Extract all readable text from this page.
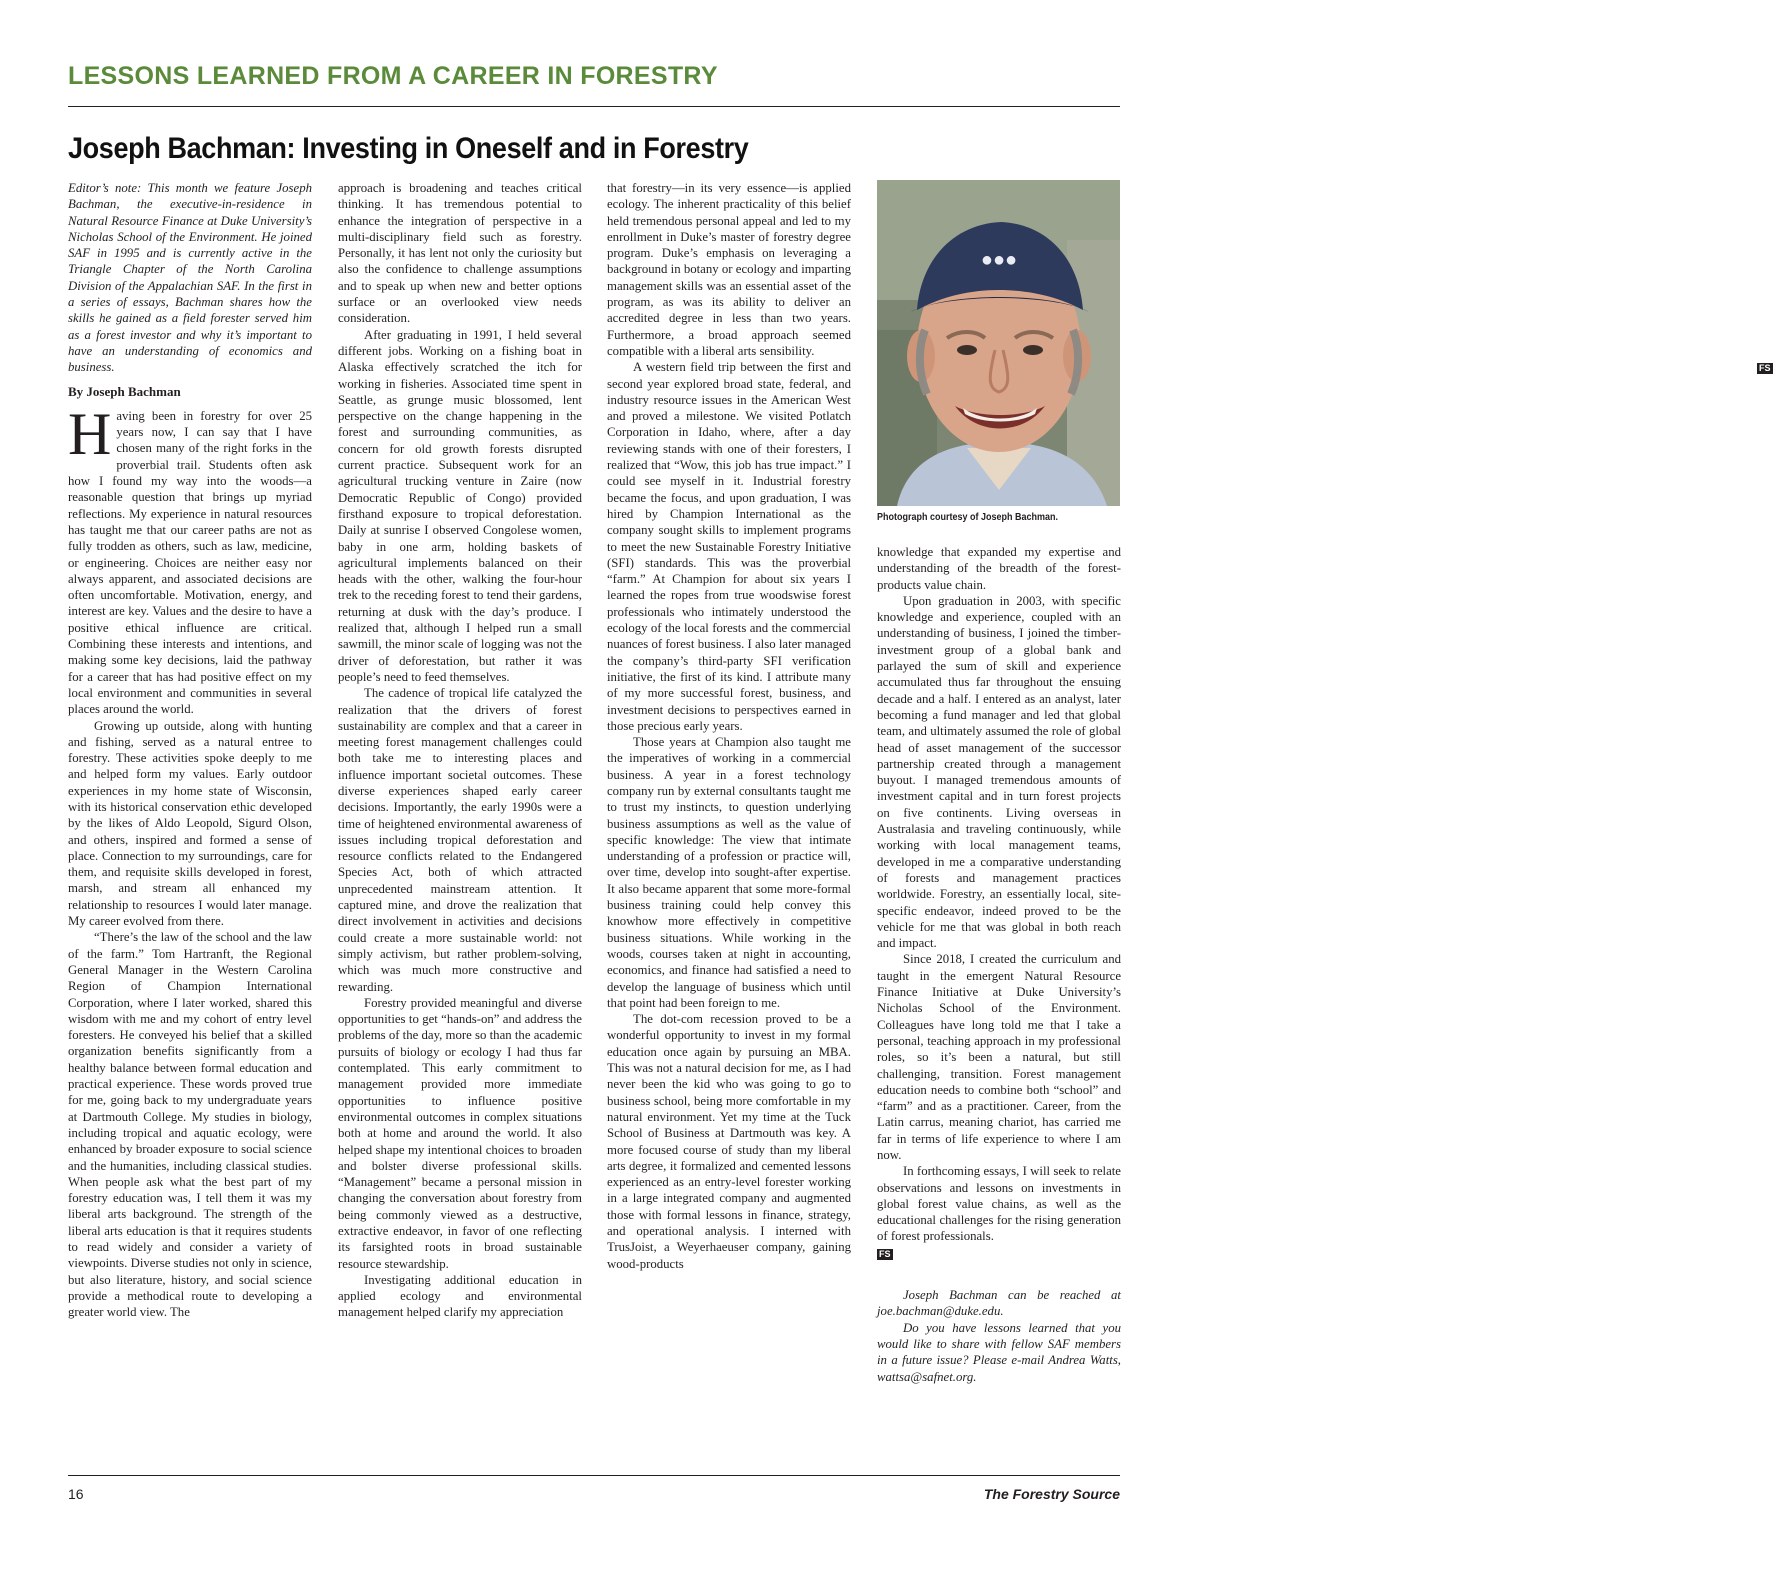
LESSONS LEARNED FROM A CAREER IN FORESTRY
Joseph Bachman: Investing in Oneself and in Forestry

Editor’s note: This month we feature Joseph Bachman, the executive-in-residence in Natural Resource Finance at Duke University’s Nicholas School of the Environment. He joined SAF in 1995 and is currently active in the Triangle Chapter of the North Carolina Division of the Appalachian SAF. In the first in a series of essays, Bachman shares how the skills he gained as a field forester served him as a forest investor and why it’s important to have an understanding of economics and business.

By Joseph Bachman

Having been in forestry for over 25 years now, I can say that I have chosen many of the right forks in the proverbial trail. Students often ask how I found my way into the woods—a reasonable question that brings up myriad reflections. My experience in natural resources has taught me that our career paths are not as fully trodden as others, such as law, medicine, or engineering. Choices are neither easy nor always apparent, and associated decisions are often uncomfortable. Motivation, energy, and interest are key. Values and the desire to have a positive ethical influence are critical. Combining these interests and intentions, and making some key decisions, laid the pathway for a career that has had positive effect on my local environment and communities in several places around the world.

Growing up outside, along with hunting and fishing, served as a natural entree to forestry. These activities spoke deeply to me and helped form my values. Early outdoor experiences in my home state of Wisconsin, with its historical conservation ethic developed by the likes of Aldo Leopold, Sigurd Olson, and others, inspired and formed a sense of place. Connection to my surroundings, care for them, and requisite skills developed in forest, marsh, and stream all enhanced my relationship to resources I would later manage. My career evolved from there.

“There’s the law of the school and the law of the farm.” Tom Hartranft, the Regional General Manager in the Western Carolina Region of Champion International Corporation, where I later worked, shared this wisdom with me and my cohort of entry level foresters. He conveyed his belief that a skilled organization benefits significantly from a healthy balance between formal education and practical experience. These words proved true for me, going back to my undergraduate years at Dartmouth College. My studies in biology, including tropical and aquatic ecology, were enhanced by broader exposure to social science and the humanities, including classical studies. When people ask what the best part of my forestry education was, I tell them it was my liberal arts background. The strength of the liberal arts education is that it requires students to read widely and consider a variety of viewpoints. Diverse studies not only in science, but also literature, history, and social science provide a methodical route to developing a greater world view. The

approach is broadening and teaches critical thinking. It has tremendous potential to enhance the integration of perspective in a multi-disciplinary field such as forestry. Personally, it has lent not only the curiosity but also the confidence to challenge assumptions and to speak up when new and better options surface or an overlooked view needs consideration.

After graduating in 1991, I held several different jobs. Working on a fishing boat in Alaska effectively scratched the itch for working in fisheries. Associated time spent in Seattle, as grunge music blossomed, lent perspective on the change happening in the forest and surrounding communities, as concern for old growth forests disrupted current practice. Subsequent work for an agricultural trucking venture in Zaire (now Democratic Republic of Congo) provided firsthand exposure to tropical deforestation. Daily at sunrise I observed Congolese women, baby in one arm, holding baskets of agricultural implements balanced on their heads with the other, walking the four-hour trek to the receding forest to tend their gardens, returning at dusk with the day’s produce. I realized that, although I helped run a small sawmill, the minor scale of logging was not the driver of deforestation, but rather it was people’s need to feed themselves.

The cadence of tropical life catalyzed the realization that the drivers of forest sustainability are complex and that a career in meeting forest management challenges could both take me to interesting places and influence important societal outcomes. These diverse experiences shaped early career decisions. Importantly, the early 1990s were a time of heightened environmental awareness of issues including tropical deforestation and resource conflicts related to the Endangered Species Act, both of which attracted unprecedented mainstream attention. It captured mine, and drove the realization that direct involvement in activities and decisions could create a more sustainable world: not simply activism, but rather problem-solving, which was much more constructive and rewarding.

Forestry provided meaningful and diverse opportunities to get “hands-on” and address the problems of the day, more so than the academic pursuits of biology or ecology I had thus far contemplated. This early commitment to management provided more immediate opportunities to influence positive environmental outcomes in complex situations both at home and around the world. It also helped shape my intentional choices to broaden and bolster diverse professional skills. “Management” became a personal mission in changing the conversation about forestry from being commonly viewed as a destructive, extractive endeavor, in favor of one reflecting its farsighted roots in broad sustainable resource stewardship.

Investigating additional education in applied ecology and environmental management helped clarify my appreciation

that forestry—in its very essence—is applied ecology. The inherent practicality of this belief held tremendous personal appeal and led to my enrollment in Duke’s master of forestry degree program. Duke’s emphasis on leveraging a background in botany or ecology and imparting management skills was an essential asset of the program, as was its ability to deliver an accredited degree in less than two years. Furthermore, a broad approach seemed compatible with a liberal arts sensibility.

A western field trip between the first and second year explored broad state, federal, and industry resource issues in the American West and proved a milestone. We visited Potlatch Corporation in Idaho, where, after a day reviewing stands with one of their foresters, I realized that “Wow, this job has true impact.” I could see myself in it. Industrial forestry became the focus, and upon graduation, I was hired by Champion International as the company sought skills to implement programs to meet the new Sustainable Forestry Initiative (SFI) standards. This was the proverbial “farm.” At Champion for about six years I learned the ropes from true woodswise forest professionals who intimately understood the ecology of the local forests and the commercial nuances of forest business. I also later managed the company’s third-party SFI verification initiative, the first of its kind. I attribute many of my more successful forest, business, and investment decisions to perspectives earned in those precious early years.

Those years at Champion also taught me the imperatives of working in a commercial business. A year in a forest technology company run by external consultants taught me to trust my instincts, to question underlying business assumptions as well as the value of specific knowledge: The view that intimate understanding of a profession or practice will, over time, develop into sought-after expertise. It also became apparent that some more-formal business training could help convey this knowhow more effectively in competitive business situations. While working in the woods, courses taken at night in accounting, economics, and finance had satisfied a need to develop the language of business which until that point had been foreign to me.

The dot-com recession proved to be a wonderful opportunity to invest in my formal education once again by pursuing an MBA. This was not a natural decision for me, as I had never been the kid who was going to go to business school, being more comfortable in my natural environment. Yet my time at the Tuck School of Business at Dartmouth was key. A more focused course of study than my liberal arts degree, it formalized and cemented lessons experienced as an entry-level forester working in a large integrated company and augmented those with formal lessons in finance, strategy, and operational analysis. I interned with TrusJoist, a Weyerhaeuser company, gaining wood-products

●●●
FS
Photograph courtesy of Joseph Bachman.

knowledge that expanded my expertise and understanding of the breadth of the forest-products value chain.

Upon graduation in 2003, with specific knowledge and experience, coupled with an understanding of business, I joined the timber-investment group of a global bank and parlayed the sum of skill and experience accumulated thus far throughout the ensuing decade and a half. I entered as an analyst, later becoming a fund manager and led that global team, and ultimately assumed the role of global head of asset management of the successor partnership created through a management buyout. I managed tremendous amounts of investment capital and in turn forest projects on five continents. Living overseas in Australasia and traveling continuously, while working with local management teams, developed in me a comparative understanding of forests and management practices worldwide. Forestry, an essentially local, site-specific endeavor, indeed proved to be the vehicle for me that was global in both reach and impact.

Since 2018, I created the curriculum and taught in the emergent Natural Resource Finance Initiative at Duke University’s Nicholas School of the Environment. Colleagues have long told me that I take a personal, teaching approach in my professional roles, so it’s been a natural, but still challenging, transition. Forest management education needs to combine both “school” and “farm” and as a practitioner. Career, from the Latin carrus, meaning chariot, has carried me far in terms of life experience to where I am now.

In forthcoming essays, I will seek to relate observations and lessons on investments in global forest value chains, as well as the educational challenges for the rising generation of forest professionals.
FS

Joseph Bachman can be reached at joe.bachman@duke.edu.

Do you have lessons learned that you would like to share with fellow SAF members in a future issue? Please e-mail Andrea Watts, wattsa@safnet.org.

16	The Forestry Source
